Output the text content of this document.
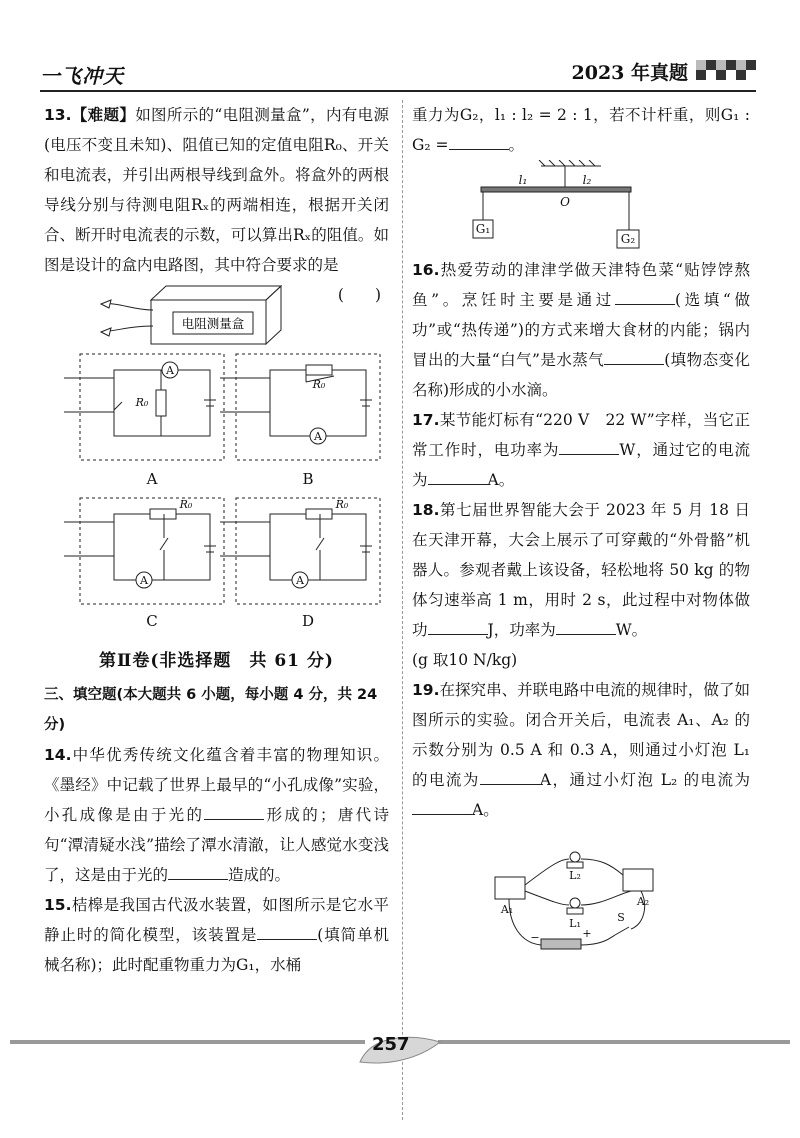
一飞冲天	2023 年真题

13.【难题】如图所示的“电阻测量盒”，内有电源(电压不变且未知)、阻值已知的定值电阻R₀、开关和电流表，并引出两根导线到盒外。将盒外的两根导线分别与待测电阻Rₓ的两端相连，根据开关闭合、断开时电流表的示数，可以算出Rₓ的阻值。如图是设计的盒内电路图，其中符合要求的是
(　　)

电阻测量盒
A
R₀
A
R₀
A
R₀
A
R₀
A	B
C	D
第Ⅱ卷(非选择题　共 61 分)
三、填空题(本大题共 6 小题，每小题 4 分，共 24 分)

14.中华优秀传统文化蕴含着丰富的物理知识。《墨经》中记载了世界上最早的“小孔成像”实验，小孔成像是由于光的	形成的；唐代诗句“潭清疑水浅”描绘了潭水清澈，让人感觉水变浅了，这是由于光的	造成的。

15.桔槔是我国古代汲水装置，如图所示是它水平静止时的简化模型，该装置是	(填简单机械名称)；此时配重物重力为G₁，水桶

重力为G₂，l₁ : l₂ = 2 : 1，若不计杆重，则G₁ : G₂ =	。

l₁	l₂
O
G₁
G₂

16.热爱劳动的津津学做天津特色菜“贴饽饽熬鱼”。烹饪时主要是通过	(选填“做功”或“热传递”)的方式来增大食材的内能；锅内冒出的大量“白气”是水蒸气	(填物态变化名称)形成的小水滴。

17.某节能灯标有“220 V　22 W”字样，当它正常工作时，电功率为	W，通过它的电流为	A。

18.第七届世界智能大会于 2023 年 5 月 18 日在天津开幕，大会上展示了可穿戴的“外骨骼”机器人。参观者戴上该设备，轻松地将 50 kg 的物体匀速举高 1 m，用时 2 s，此过程中对物体做功	J，功率为	W。
(g 取10 N/kg)

19.在探究串、并联电路中电流的规律时，做了如图所示的实验。闭合开关后，电流表 A₁、A₂ 的示数分别为 0.5 A 和 0.3 A，则通过小灯泡 L₁ 的电流为	A，通过小灯泡 L₂ 的电流为A。

A₁
A₂
L₂
L₁	S
−	+
257
